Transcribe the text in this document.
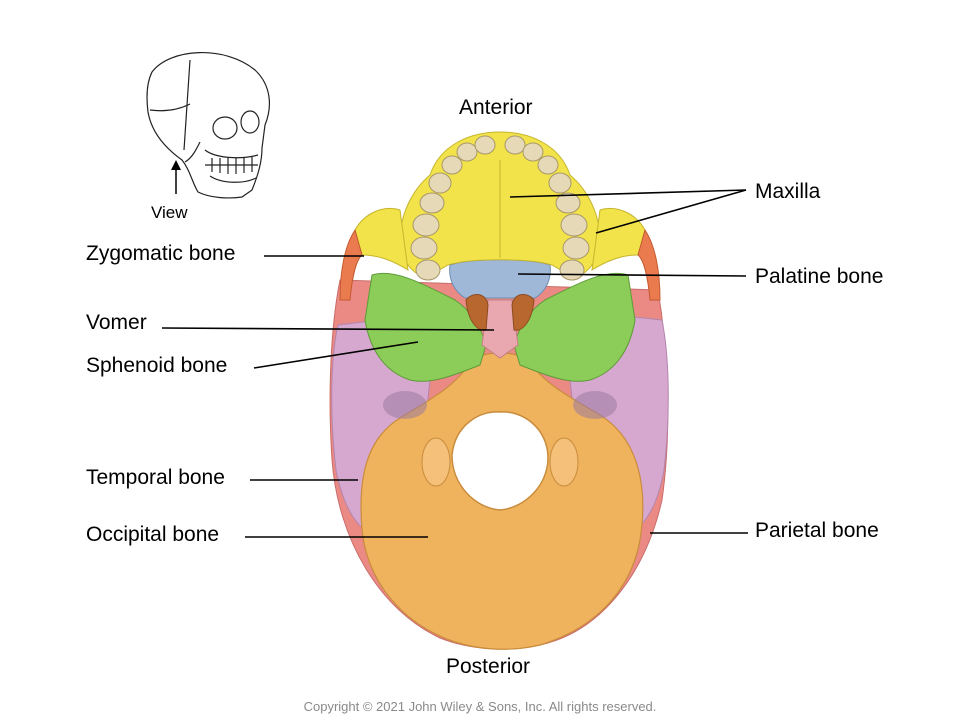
View
Anterior
Posterior
Zygomatic bone
Vomer
Sphenoid bone
Temporal bone
Occipital bone
Maxilla
Palatine bone
Parietal bone
Copyright © 2021 John Wiley & Sons, Inc. All rights reserved.
